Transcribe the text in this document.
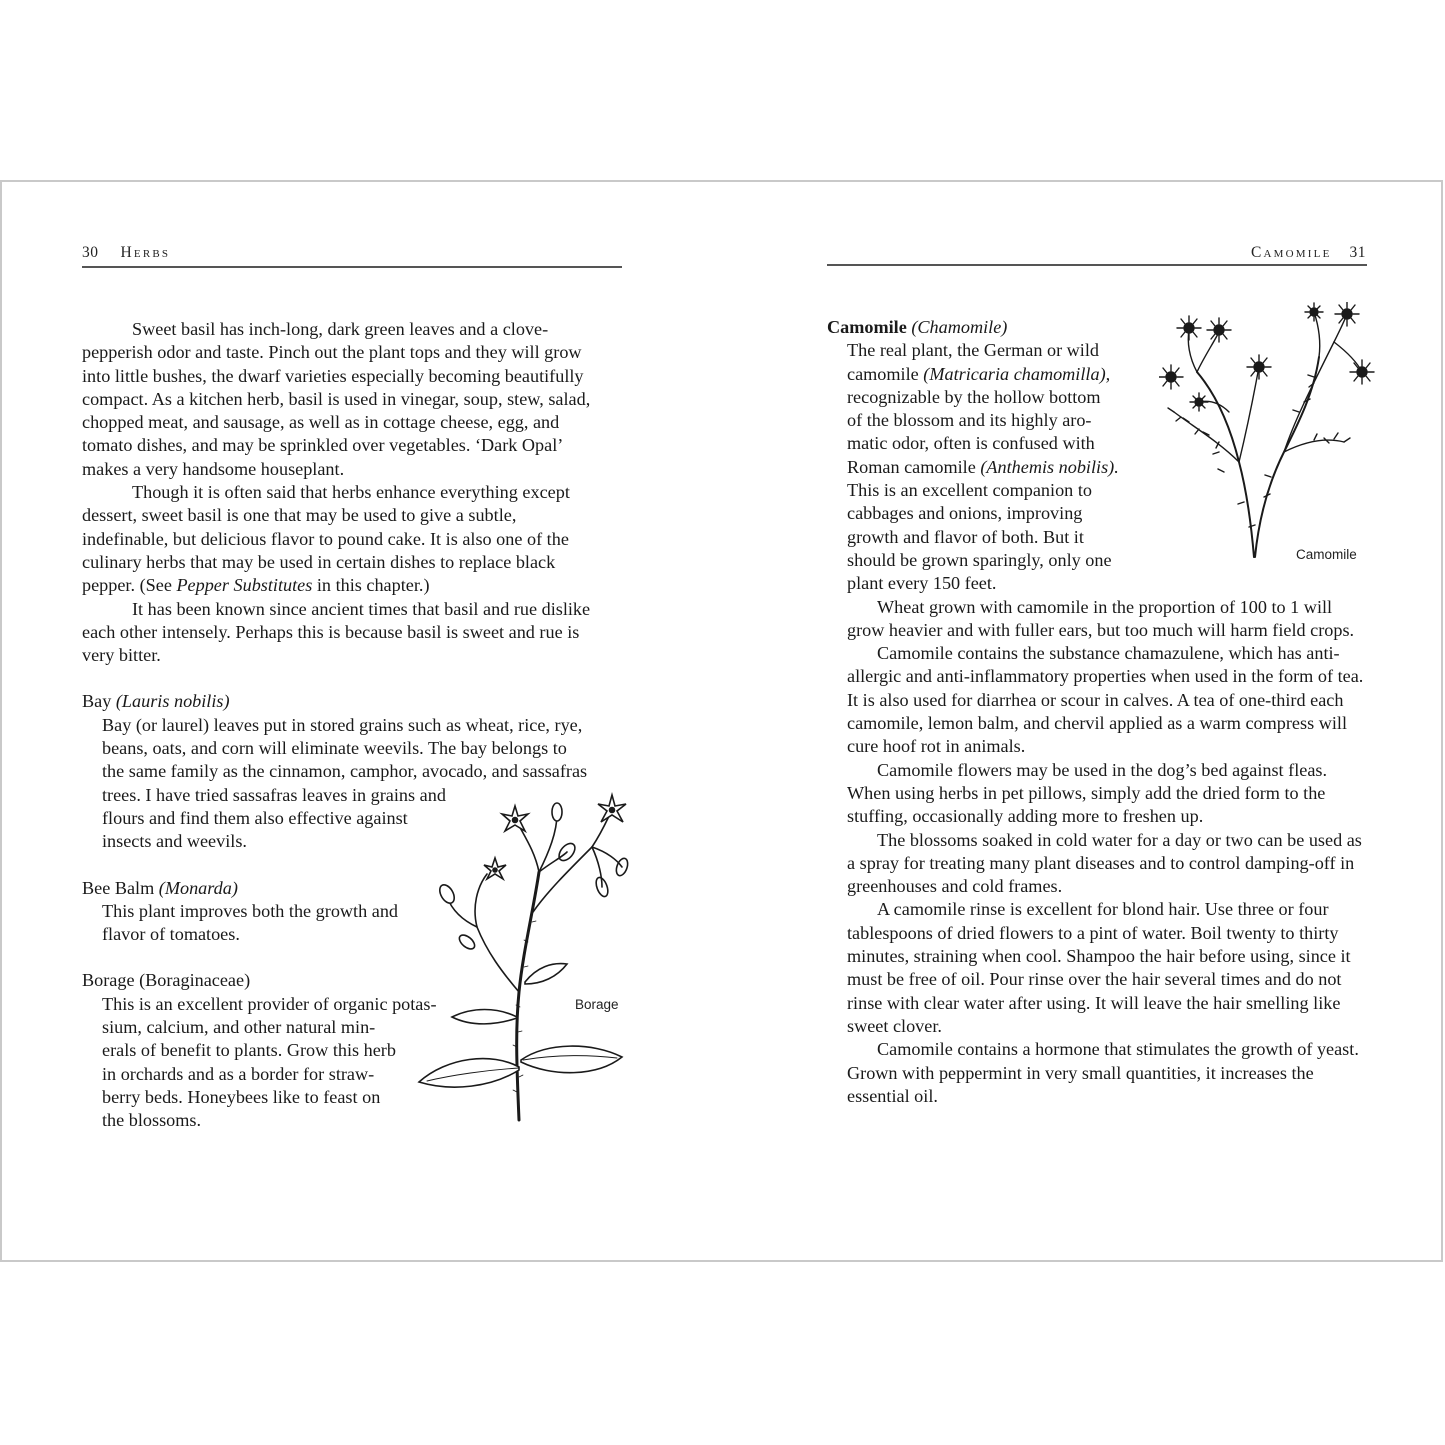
30 Herbs

Sweet basil has inch-long, dark green leaves and a clove-pepperish odor and taste. Pinch out the plant tops and they will grow into little bushes, the dwarf varieties especially becoming beautifully compact. As a kitchen herb, basil is used in vinegar, soup, stew, salad, chopped meat, and sausage, as well as in cottage cheese, egg, and tomato dishes, and may be sprinkled over vegetables. ‘Dark Opal’ makes a very handsome houseplant.

Though it is often said that herbs enhance everything except dessert, sweet basil is one that may be used to give a subtle, indefinable, but delicious flavor to pound cake. It is also one of the culinary herbs that may be used in certain dishes to replace black pepper. (See Pepper Substitutes in this chapter.)

It has been known since ancient times that basil and rue dislike each other intensely. Perhaps this is because basil is sweet and rue is very bitter.

Bay (Lauris nobilis)

Bay (or laurel) leaves put in stored grains such as wheat, rice, rye,
beans, oats, and corn will eliminate weevils. The bay belongs to
the same family as the cinnamon, camphor, avocado, and sassafras
trees. I have tried sassafras leaves in grains and
flours and find them also effective against
insects and weevils.

Bee Balm (Monarda)

This plant improves both the growth and
flavor of tomatoes.

Borage (Boraginaceae)

This is an excellent provider of organic potas-
sium, calcium, and other natural min-
erals of benefit to plants. Grow this herb
in orchards and as a border for straw-
berry beds. Honeybees like to feast on
the blossoms.
Borage
Camomile 31

Camomile (Chamomile)

The real plant, the German or wild
camomile (Matricaria chamomilla),
recognizable by the hollow bottom
of the blossom and its highly aro-
matic odor, often is confused with
Roman camomile (Anthemis nobilis).
This is an excellent companion to
cabbages and onions, improving
growth and flavor of both. But it
should be grown sparingly, only one
plant every 150 feet.

Wheat grown with camomile in the proportion of 100 to 1 will grow heavier and with fuller ears, but too much will harm field crops.

Camomile contains the substance chamazulene, which has anti-allergic and anti-inflammatory properties when used in the form of tea. It is also used for diarrhea or scour in calves. A tea of one-third each camomile, lemon balm, and chervil applied as a warm compress will cure hoof rot in animals.

Camomile flowers may be used in the dog’s bed against fleas. When using herbs in pet pillows, simply add the dried form to the stuffing, occasionally adding more to freshen up.

The blossoms soaked in cold water for a day or two can be used as a spray for treating many plant diseases and to control damping-off in greenhouses and cold frames.

A camomile rinse is excellent for blond hair. Use three or four tablespoons of dried flowers to a pint of water. Boil twenty to thirty minutes, straining when cool. Shampoo the hair before using, since it must be free of oil. Pour rinse over the hair several times and do not rinse with clear water after using. It will leave the hair smelling like sweet clover.

Camomile contains a hormone that stimulates the growth of yeast. Grown with peppermint in very small quantities, it increases the essential oil.

Camomile
